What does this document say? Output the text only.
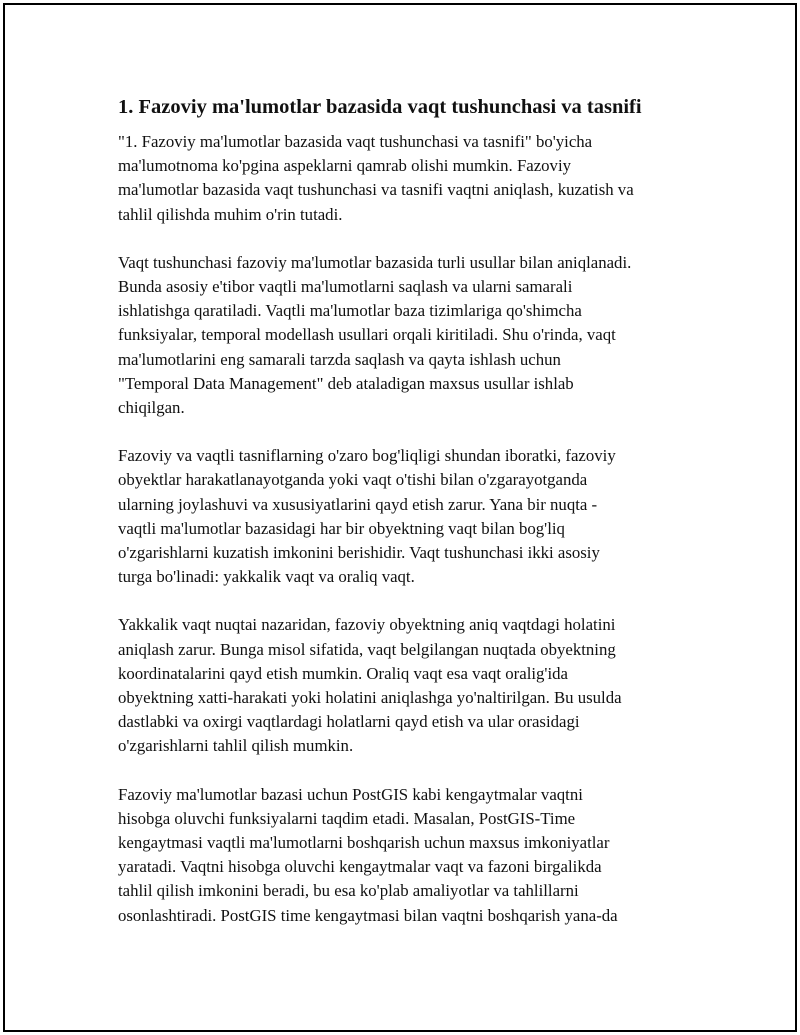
1. Fazoviy ma'lumotlar bazasida vaqt tushunchasi va tasnifi

"1. Fazoviy ma'lumotlar bazasida vaqt tushunchasi va tasnifi" bo'yicha
ma'lumotnoma ko'pgina aspeklarni qamrab olishi mumkin. Fazoviy
ma'lumotlar bazasida vaqt tushunchasi va tasnifi vaqtni aniqlash, kuzatish va
tahlil qilishda muhim o'rin tutadi.

Vaqt tushunchasi fazoviy ma'lumotlar bazasida turli usullar bilan aniqlanadi.
Bunda asosiy e'tibor vaqtli ma'lumotlarni saqlash va ularni samarali
ishlatishga qaratiladi. Vaqtli ma'lumotlar baza tizimlariga qo'shimcha
funksiyalar, temporal modellash usullari orqali kiritiladi. Shu o'rinda, vaqt
ma'lumotlarini eng samarali tarzda saqlash va qayta ishlash uchun
"Temporal Data Management" deb ataladigan maxsus usullar ishlab
chiqilgan.

Fazoviy va vaqtli tasniflarning o'zaro bog'liqligi shundan iboratki, fazoviy
obyektlar harakatlanayotganda yoki vaqt o'tishi bilan o'zgarayotganda
ularning joylashuvi va xususiyatlarini qayd etish zarur. Yana bir nuqta -
vaqtli ma'lumotlar bazasidagi har bir obyektning vaqt bilan bog'liq
o'zgarishlarni kuzatish imkonini berishidir. Vaqt tushunchasi ikki asosiy
turga bo'linadi: yakkalik vaqt va oraliq vaqt.

Yakkalik vaqt nuqtai nazaridan, fazoviy obyektning aniq vaqtdagi holatini
aniqlash zarur. Bunga misol sifatida, vaqt belgilangan nuqtada obyektning
koordinatalarini qayd etish mumkin. Oraliq vaqt esa vaqt oralig'ida
obyektning xatti-harakati yoki holatini aniqlashga yo'naltirilgan. Bu usulda
dastlabki va oxirgi vaqtlardagi holatlarni qayd etish va ular orasidagi
o'zgarishlarni tahlil qilish mumkin.

Fazoviy ma'lumotlar bazasi uchun PostGIS kabi kengaytmalar vaqtni
hisobga oluvchi funksiyalarni taqdim etadi. Masalan, PostGIS-Time
kengaytmasi vaqtli ma'lumotlarni boshqarish uchun maxsus imkoniyatlar
yaratadi. Vaqtni hisobga oluvchi kengaytmalar vaqt va fazoni birgalikda
tahlil qilish imkonini beradi, bu esa ko'plab amaliyotlar va tahlillarni
osonlashtiradi. PostGIS time kengaytmasi bilan vaqtni boshqarish yana-da
